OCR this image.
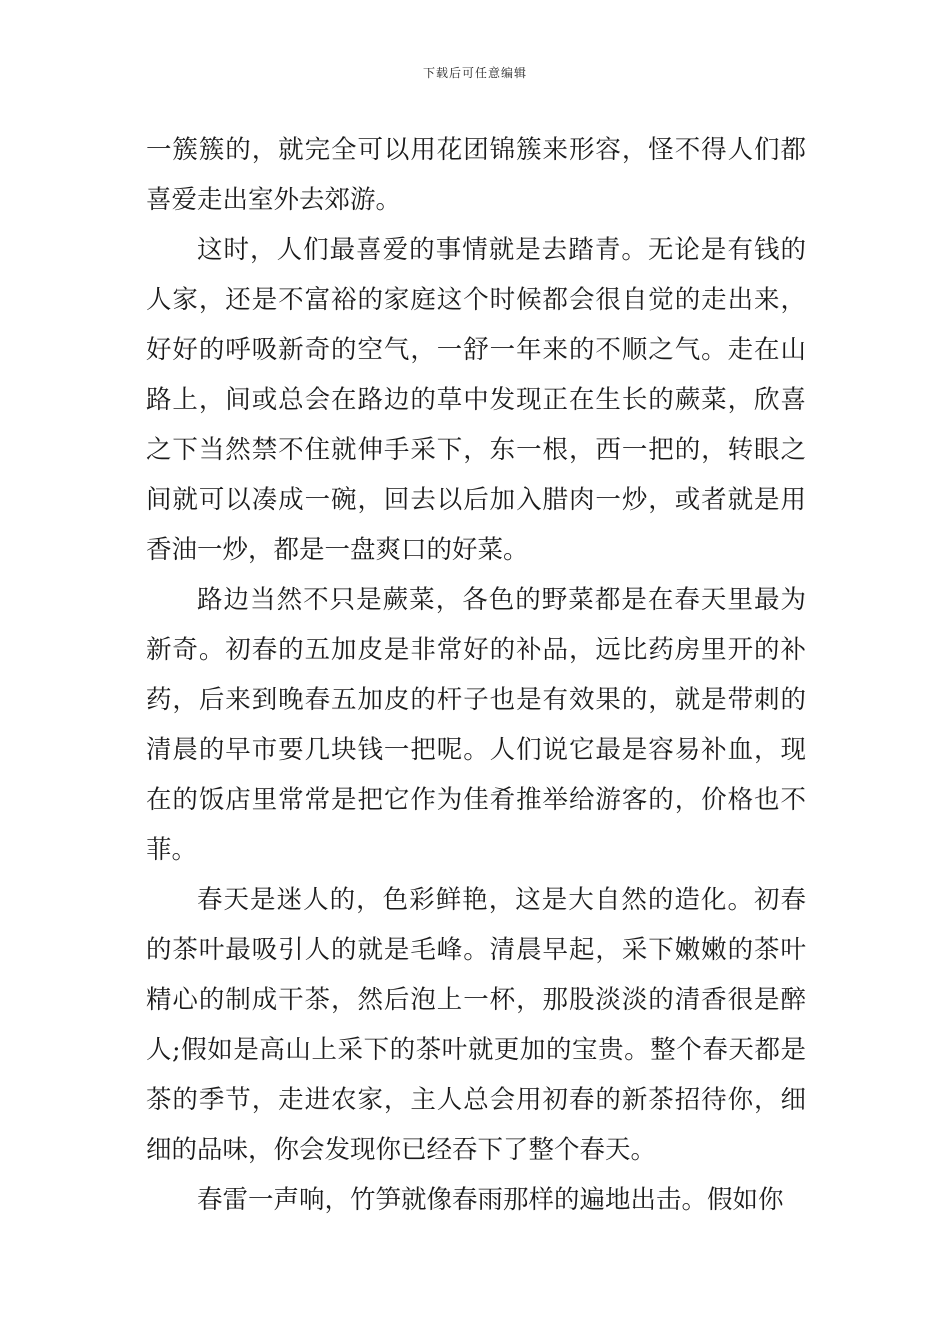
下载后可任意编辑

一簇簇的，就完全可以用花团锦簇来形容，怪不得人们都喜爱走出室外去郊游。

这时，人们最喜爱的事情就是去踏青。无论是有钱的人家，还是不富裕的家庭这个时候都会很自觉的走出来，好好的呼吸新奇的空气，一舒一年来的不顺之气。走在山路上，间或总会在路边的草中发现正在生长的蕨菜，欣喜之下当然禁不住就伸手采下，东一根，西一把的，转眼之间就可以凑成一碗，回去以后加入腊肉一炒，或者就是用香油一炒，都是一盘爽口的好菜。

路边当然不只是蕨菜，各色的野菜都是在春天里最为新奇。初春的五加皮是非常好的补品，远比药房里开的补药，后来到晚春五加皮的杆子也是有效果的，就是带刺的清晨的早市要几块钱一把呢。人们说它最是容易补血，现在的饭店里常常是把它作为佳肴推举给游客的，价格也不菲。

春天是迷人的，色彩鲜艳，这是大自然的造化。初春的茶叶最吸引人的就是毛峰。清晨早起，采下嫩嫩的茶叶精心的制成干茶，然后泡上一杯，那股淡淡的清香很是醉人;假如是高山上采下的茶叶就更加的宝贵。整个春天都是茶的季节，走进农家，主人总会用初春的新茶招待你，细细的品味，你会发现你已经吞下了整个春天。

春雷一声响，竹笋就像春雨那样的遍地出击。假如你
